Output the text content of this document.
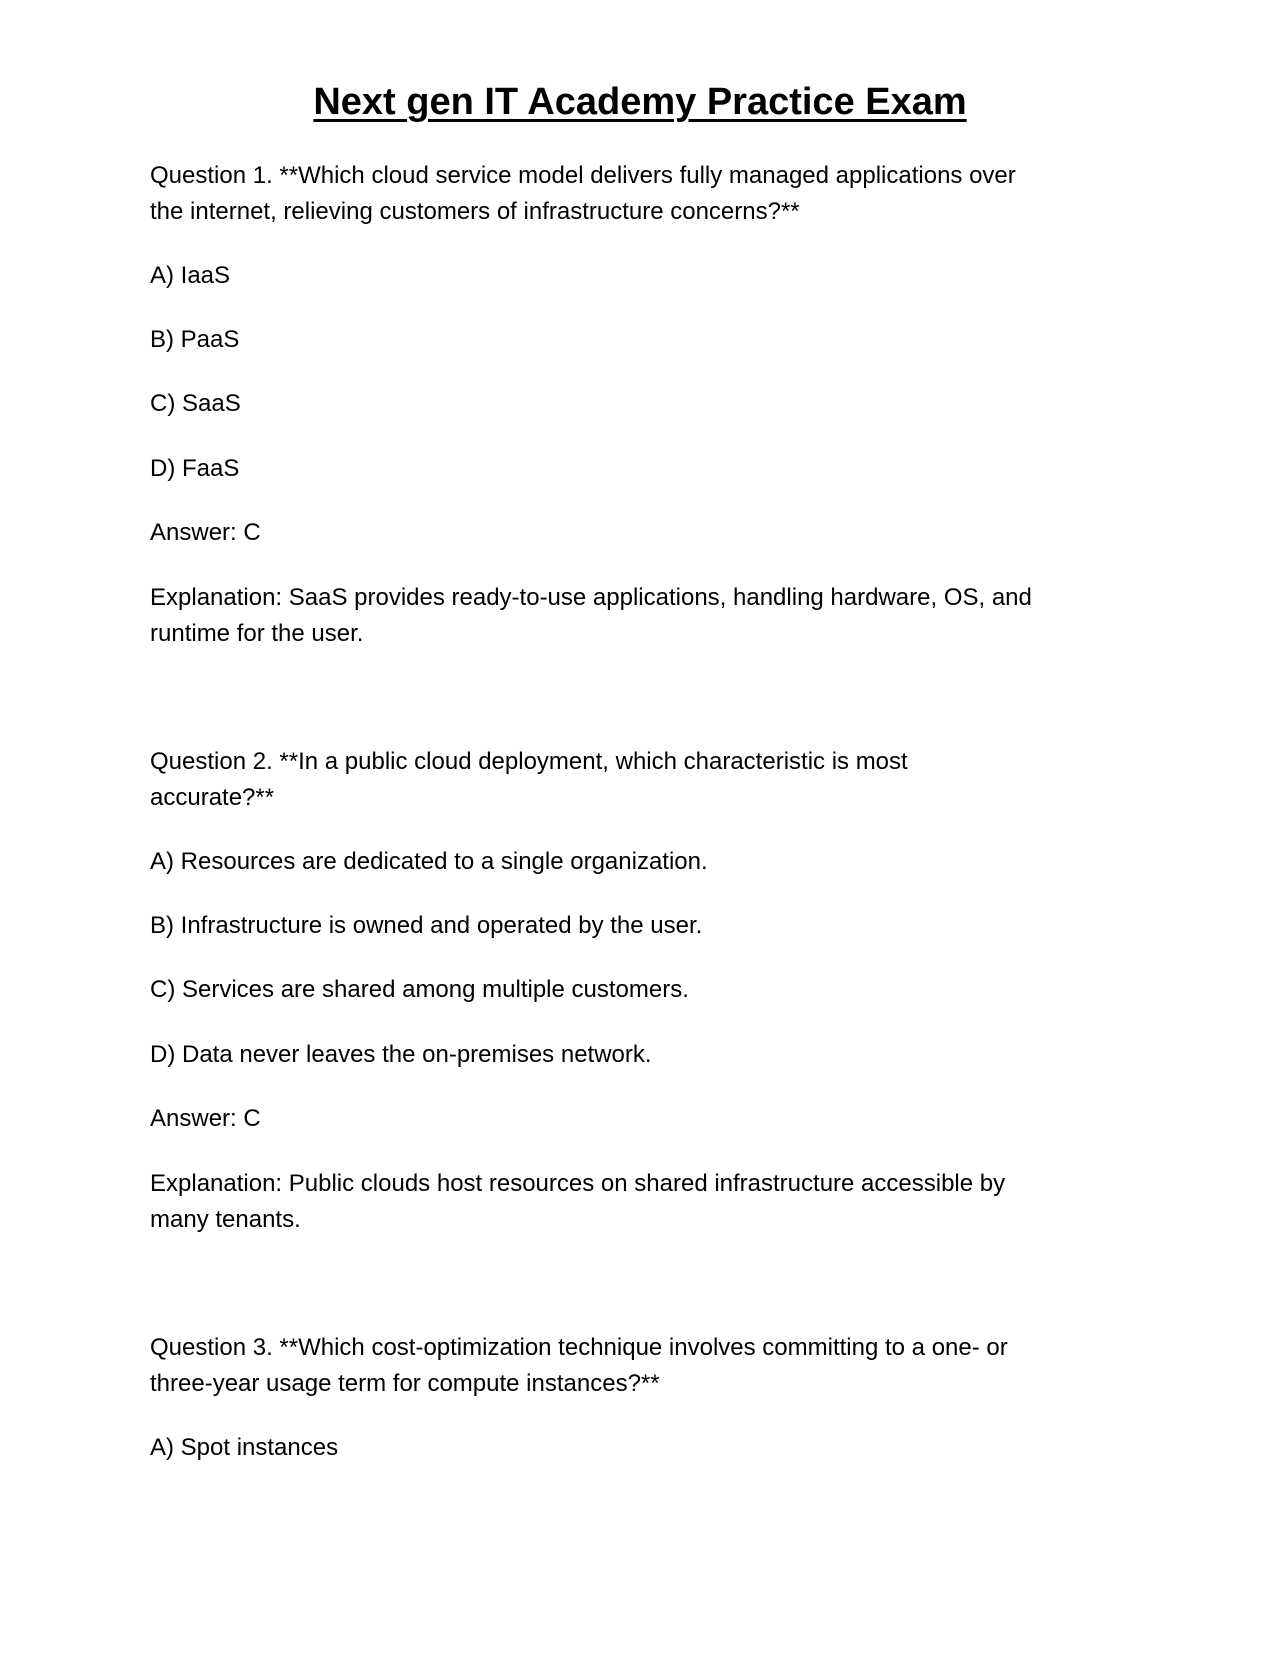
Next gen IT Academy Practice Exam
Question 1. **Which cloud service model delivers fully managed applications over
the internet, relieving customers of infrastructure concerns?**
A) IaaS
B) PaaS
C) SaaS
D) FaaS
Answer: C
Explanation: SaaS provides ready-to-use applications, handling hardware, OS, and
runtime for the user.
Question 2. **In a public cloud deployment, which characteristic is most
accurate?**
A) Resources are dedicated to a single organization.
B) Infrastructure is owned and operated by the user.
C) Services are shared among multiple customers.
D) Data never leaves the on-premises network.
Answer: C
Explanation: Public clouds host resources on shared infrastructure accessible by
many tenants.
Question 3. **Which cost-optimization technique involves committing to a one- or
three-year usage term for compute instances?**
A) Spot instances
